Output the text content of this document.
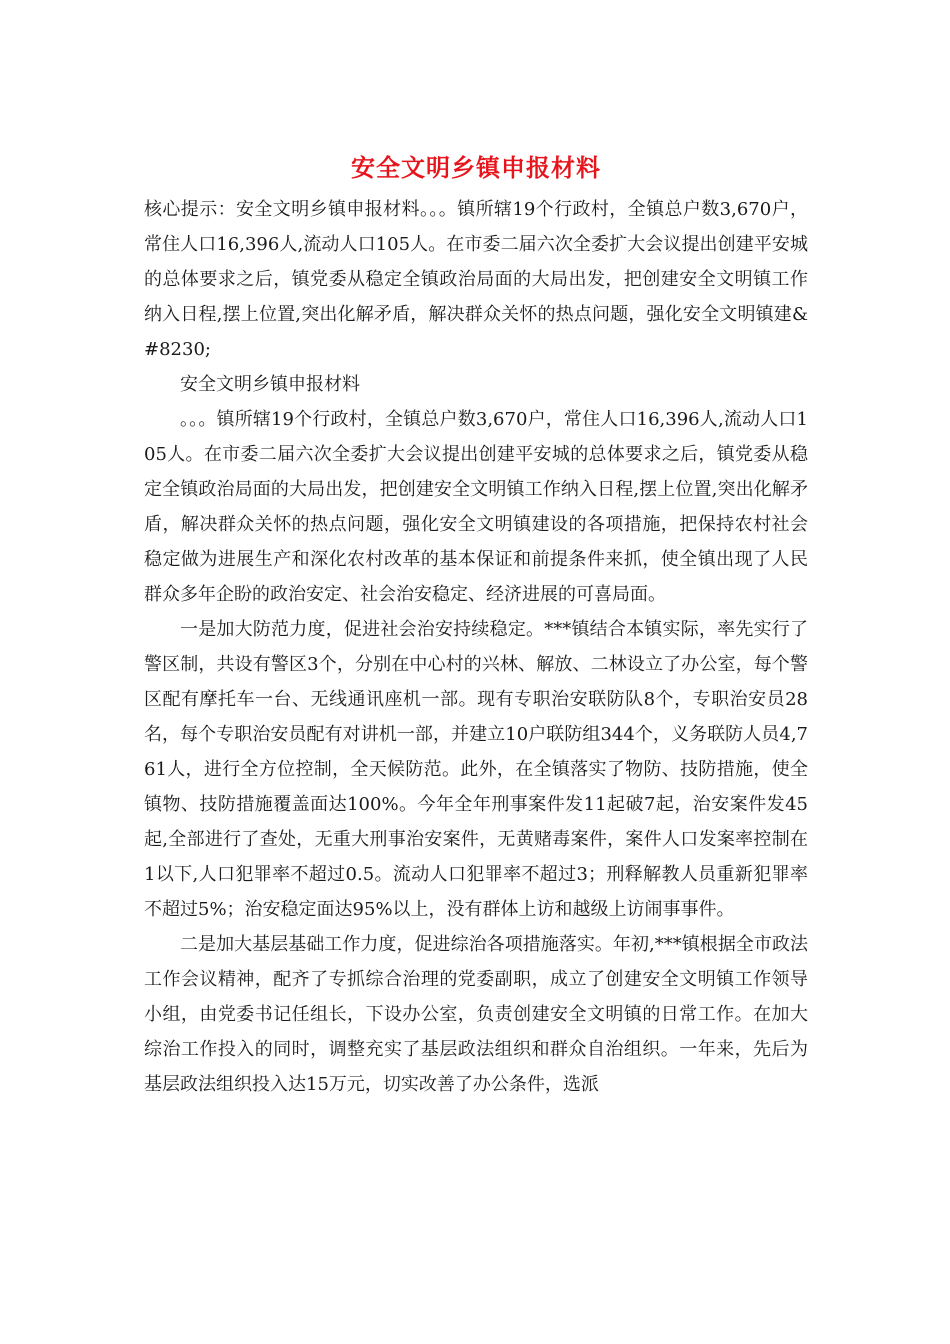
安全文明乡镇申报材料

核心提示：安全文明乡镇申报材料。。。镇所辖19个行政村，全镇总户数3,670户，常住人口16,396人,流动人口105人。在市委二届六次全委扩大会议提出创建平安城的总体要求之后，镇党委从稳定全镇政治局面的大局出发，把创建安全文明镇工作纳入日程,摆上位置,突出化解矛盾，解决群众关怀的热点问题，强化安全文明镇建&#8230;

安全文明乡镇申报材料

。。。镇所辖19个行政村，全镇总户数3,670户，常住人口16,396人,流动人口105人。在市委二届六次全委扩大会议提出创建平安城的总体要求之后，镇党委从稳定全镇政治局面的大局出发，把创建安全文明镇工作纳入日程,摆上位置,突出化解矛盾，解决群众关怀的热点问题，强化安全文明镇建设的各项措施，把保持农村社会稳定做为进展生产和深化农村改革的基本保证和前提条件来抓，使全镇出现了人民群众多年企盼的政治安定、社会治安稳定、经济进展的可喜局面。

一是加大防范力度，促进社会治安持续稳定。***镇结合本镇实际，率先实行了警区制，共设有警区3个，分别在中心村的兴林、解放、二林设立了办公室，每个警区配有摩托车一台、无线通讯座机一部。现有专职治安联防队8个，专职治安员28名，每个专职治安员配有对讲机一部，并建立10户联防组344个，义务联防人员4,761人，进行全方位控制，全天候防范。此外，在全镇落实了物防、技防措施，使全镇物、技防措施覆盖面达100%。今年全年刑事案件发11起破7起，治安案件发45起,全部进行了查处，无重大刑事治安案件，无黄赌毒案件，案件人口发案率控制在1以下,人口犯罪率不超过0.5。流动人口犯罪率不超过3；刑释解教人员重新犯罪率不超过5%；治安稳定面达95%以上，没有群体上访和越级上访闹事事件。

二是加大基层基础工作力度，促进综治各项措施落实。年初,***镇根据全市政法工作会议精神，配齐了专抓综合治理的党委副职，成立了创建安全文明镇工作领导小组，由党委书记任组长，下设办公室，负责创建安全文明镇的日常工作。在加大综治工作投入的同时，调整充实了基层政法组织和群众自治组织。一年来，先后为基层政法组织投入达15万元，切实改善了办公条件，选派
